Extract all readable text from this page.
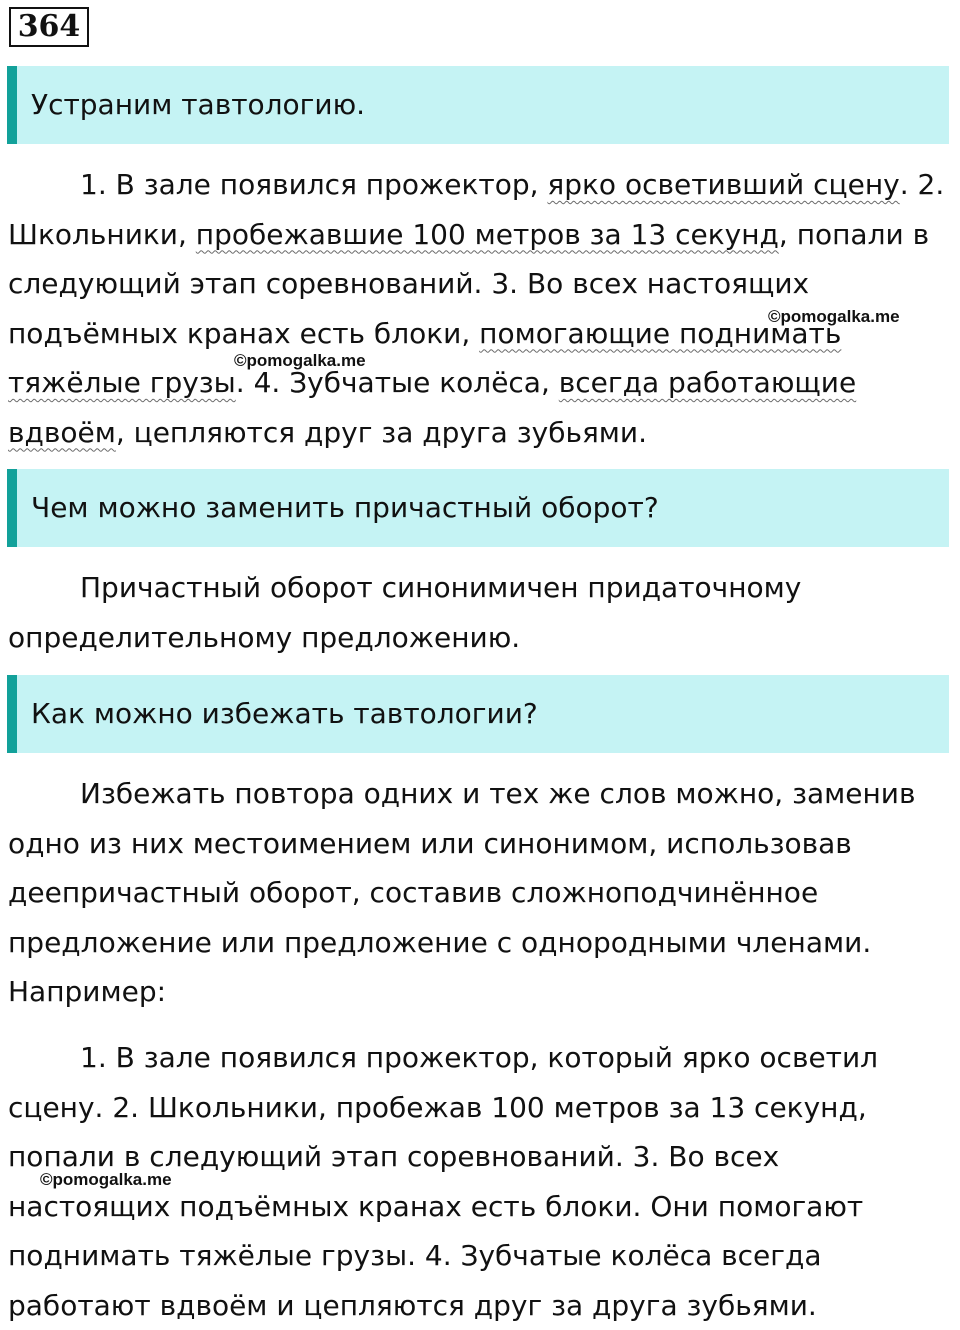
364
Устраним тавтологию.

1. В зале появился прожектор, ярко осветивший сцену. 2. Школьники, пробежавшие 100 метров за 13 секунд, попали в следующий этап соревнований. 3. Во всех настоящих подъёмных кранах есть блоки, помогающие поднимать тяжёлые грузы. 4. Зубчатые колёса, всегда работающие вдвоём, цепляются друг за друга зубьями.

Чем можно заменить причастный оборот?

Причастный оборот синонимичен придаточному определительному предложению.

Как можно избежать тавтологии?

Избежать повтора одних и тех же слов можно, заменив одно из них местоимением или синонимом, использовав деепричастный оборот, составив сложноподчинённое предложение или предложение с однородными членами. Например:

1. В зале появился прожектор, который ярко осветил сцену. 2. Школьники, пробежав 100 метров за 13 секунд, попали в следующий этап соревнований. 3. Во всех настоящих подъёмных кранах есть блоки. Они помогают поднимать тяжёлые грузы. 4. Зубчатые колёса всегда работают вдвоём и цепляются друг за друга зубьями.

©pomogalka.me
©pomogalka.me
©pomogalka.me
